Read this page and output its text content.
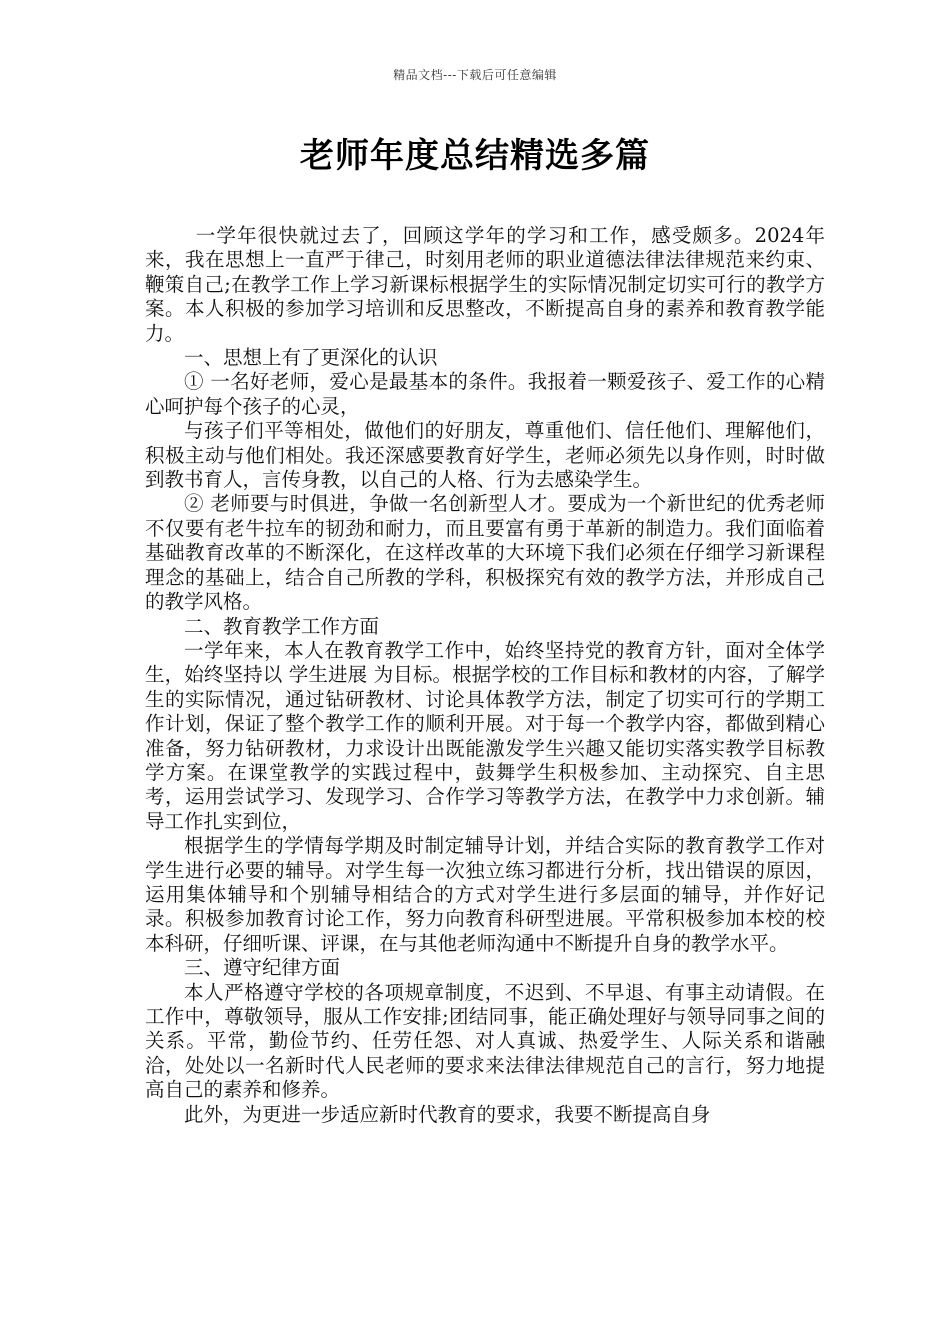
精品文档---下载后可任意编辑
老师年度总结精选多篇

一学年很快就过去了，回顾这学年的学习和工作，感受颇多。2024年来，我在思想上一直严于律己，时刻用老师的职业道德法律法律规范来约束、鞭策自己;在教学工作上学习新课标根据学生的实际情况制定切实可行的教学方案。本人积极的参加学习培训和反思整改，不断提高自身的素养和教育教学能力。

一、思想上有了更深化的认识

① 一名好老师，爱心是最基本的条件。我报着一颗爱孩子、爱工作的心精心呵护每个孩子的心灵，

与孩子们平等相处，做他们的好朋友，尊重他们、信任他们、理解他们，积极主动与他们相处。我还深感要教育好学生，老师必须先以身作则，时时做到教书育人，言传身教，以自己的人格、行为去感染学生。

② 老师要与时俱进，争做一名创新型人才。要成为一个新世纪的优秀老师不仅要有老牛拉车的韧劲和耐力，而且要富有勇于革新的制造力。我们面临着基础教育改革的不断深化，在这样改革的大环境下我们必须在仔细学习新课程理念的基础上，结合自己所教的学科，积极探究有效的教学方法，并形成自己的教学风格。

二、教育教学工作方面

一学年来，本人在教育教学工作中，始终坚持党的教育方针，面对全体学生，始终坚持以 学生进展 为目标。根据学校的工作目标和教材的内容，了解学生的实际情况，通过钻研教材、讨论具体教学方法，制定了切实可行的学期工作计划，保证了整个教学工作的顺利开展。对于每一个教学内容，都做到精心准备，努力钻研教材，力求设计出既能激发学生兴趣又能切实落实教学目标教学方案。在课堂教学的实践过程中，鼓舞学生积极参加、主动探究、自主思考，运用尝试学习、发现学习、合作学习等教学方法，在教学中力求创新。辅导工作扎实到位，

根据学生的学情每学期及时制定辅导计划，并结合实际的教育教学工作对学生进行必要的辅导。对学生每一次独立练习都进行分析，找出错误的原因，运用集体辅导和个别辅导相结合的方式对学生进行多层面的辅导，并作好记录。积极参加教育讨论工作，努力向教育科研型进展。平常积极参加本校的校本科研，仔细听课、评课，在与其他老师沟通中不断提升自身的教学水平。

三、遵守纪律方面

本人严格遵守学校的各项规章制度，不迟到、不早退、有事主动请假。在工作中，尊敬领导，服从工作安排;团结同事，能正确处理好与领导同事之间的关系。平常，勤俭节约、任劳任怨、对人真诚、热爱学生、人际关系和谐融洽，处处以一名新时代人民老师的要求来法律法律规范自己的言行，努力地提高自己的素养和修养。

此外，为更进一步适应新时代教育的要求，我要不断提高自身
